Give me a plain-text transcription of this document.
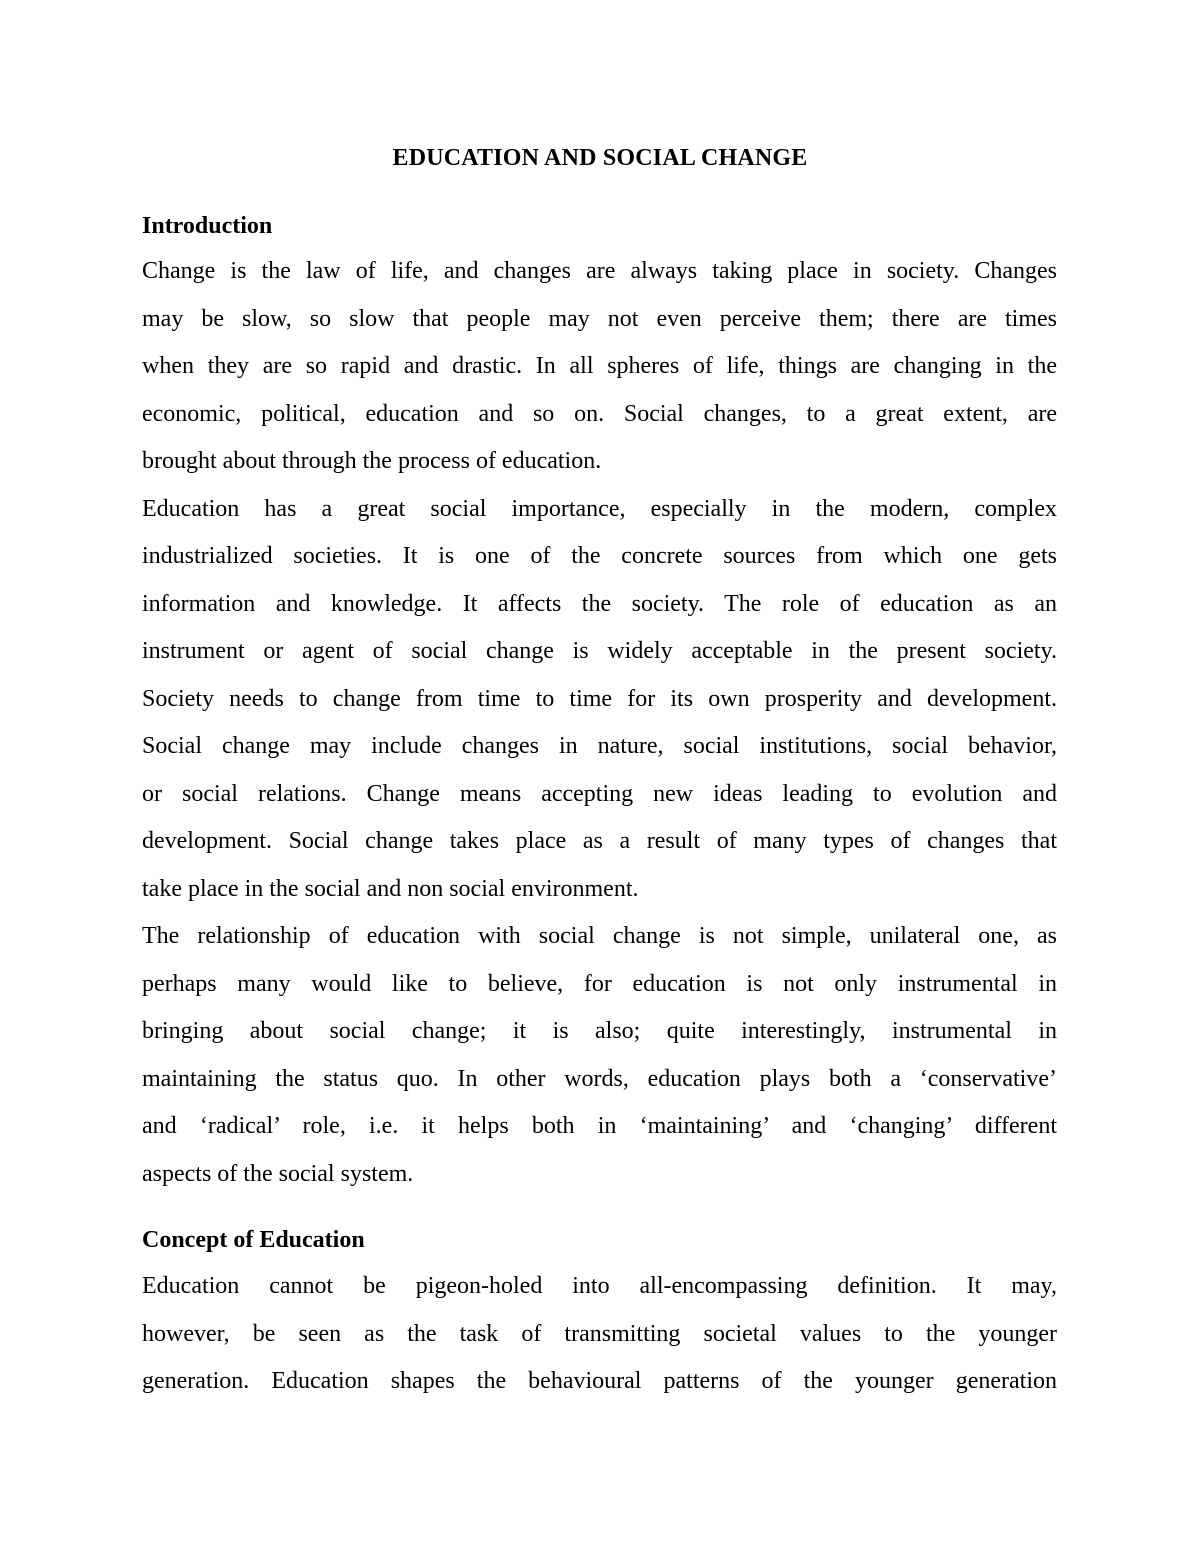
EDUCATION AND SOCIAL CHANGE
Introduction
Change is the law of life, and changes are always taking place in society. Changes
may be slow, so slow that people may not even perceive them; there are times
when they are so rapid and drastic. In all spheres of life, things are changing in the
economic, political, education and so on. Social changes, to a great extent, are
brought about through the process of education.
Education has a great social importance, especially in the modern, complex
industrialized societies. It is one of the concrete sources from which one gets
information and knowledge. It affects the society. The role of education as an
instrument or agent of social change is widely acceptable in the present society.
Society needs to change from time to time for its own prosperity and development.
Social change may include changes in nature, social institutions, social behavior,
or social relations. Change means accepting new ideas leading to evolution and
development. Social change takes place as a result of many types of changes that
take place in the social and non social environment.
The relationship of education with social change is not simple, unilateral one, as
perhaps many would like to believe, for education is not only instrumental in
bringing about social change; it is also; quite interestingly, instrumental in
maintaining the status quo. In other words, education plays both a ‘conservative’
and ‘radical’ role, i.e. it helps both in ‘maintaining’ and ‘changing’ different
aspects of the social system.
Concept of Education
Education cannot be pigeon-holed into all-encompassing definition. It may,
however, be seen as the task of transmitting societal values to the younger
generation. Education shapes the behavioural patterns of the younger generation
